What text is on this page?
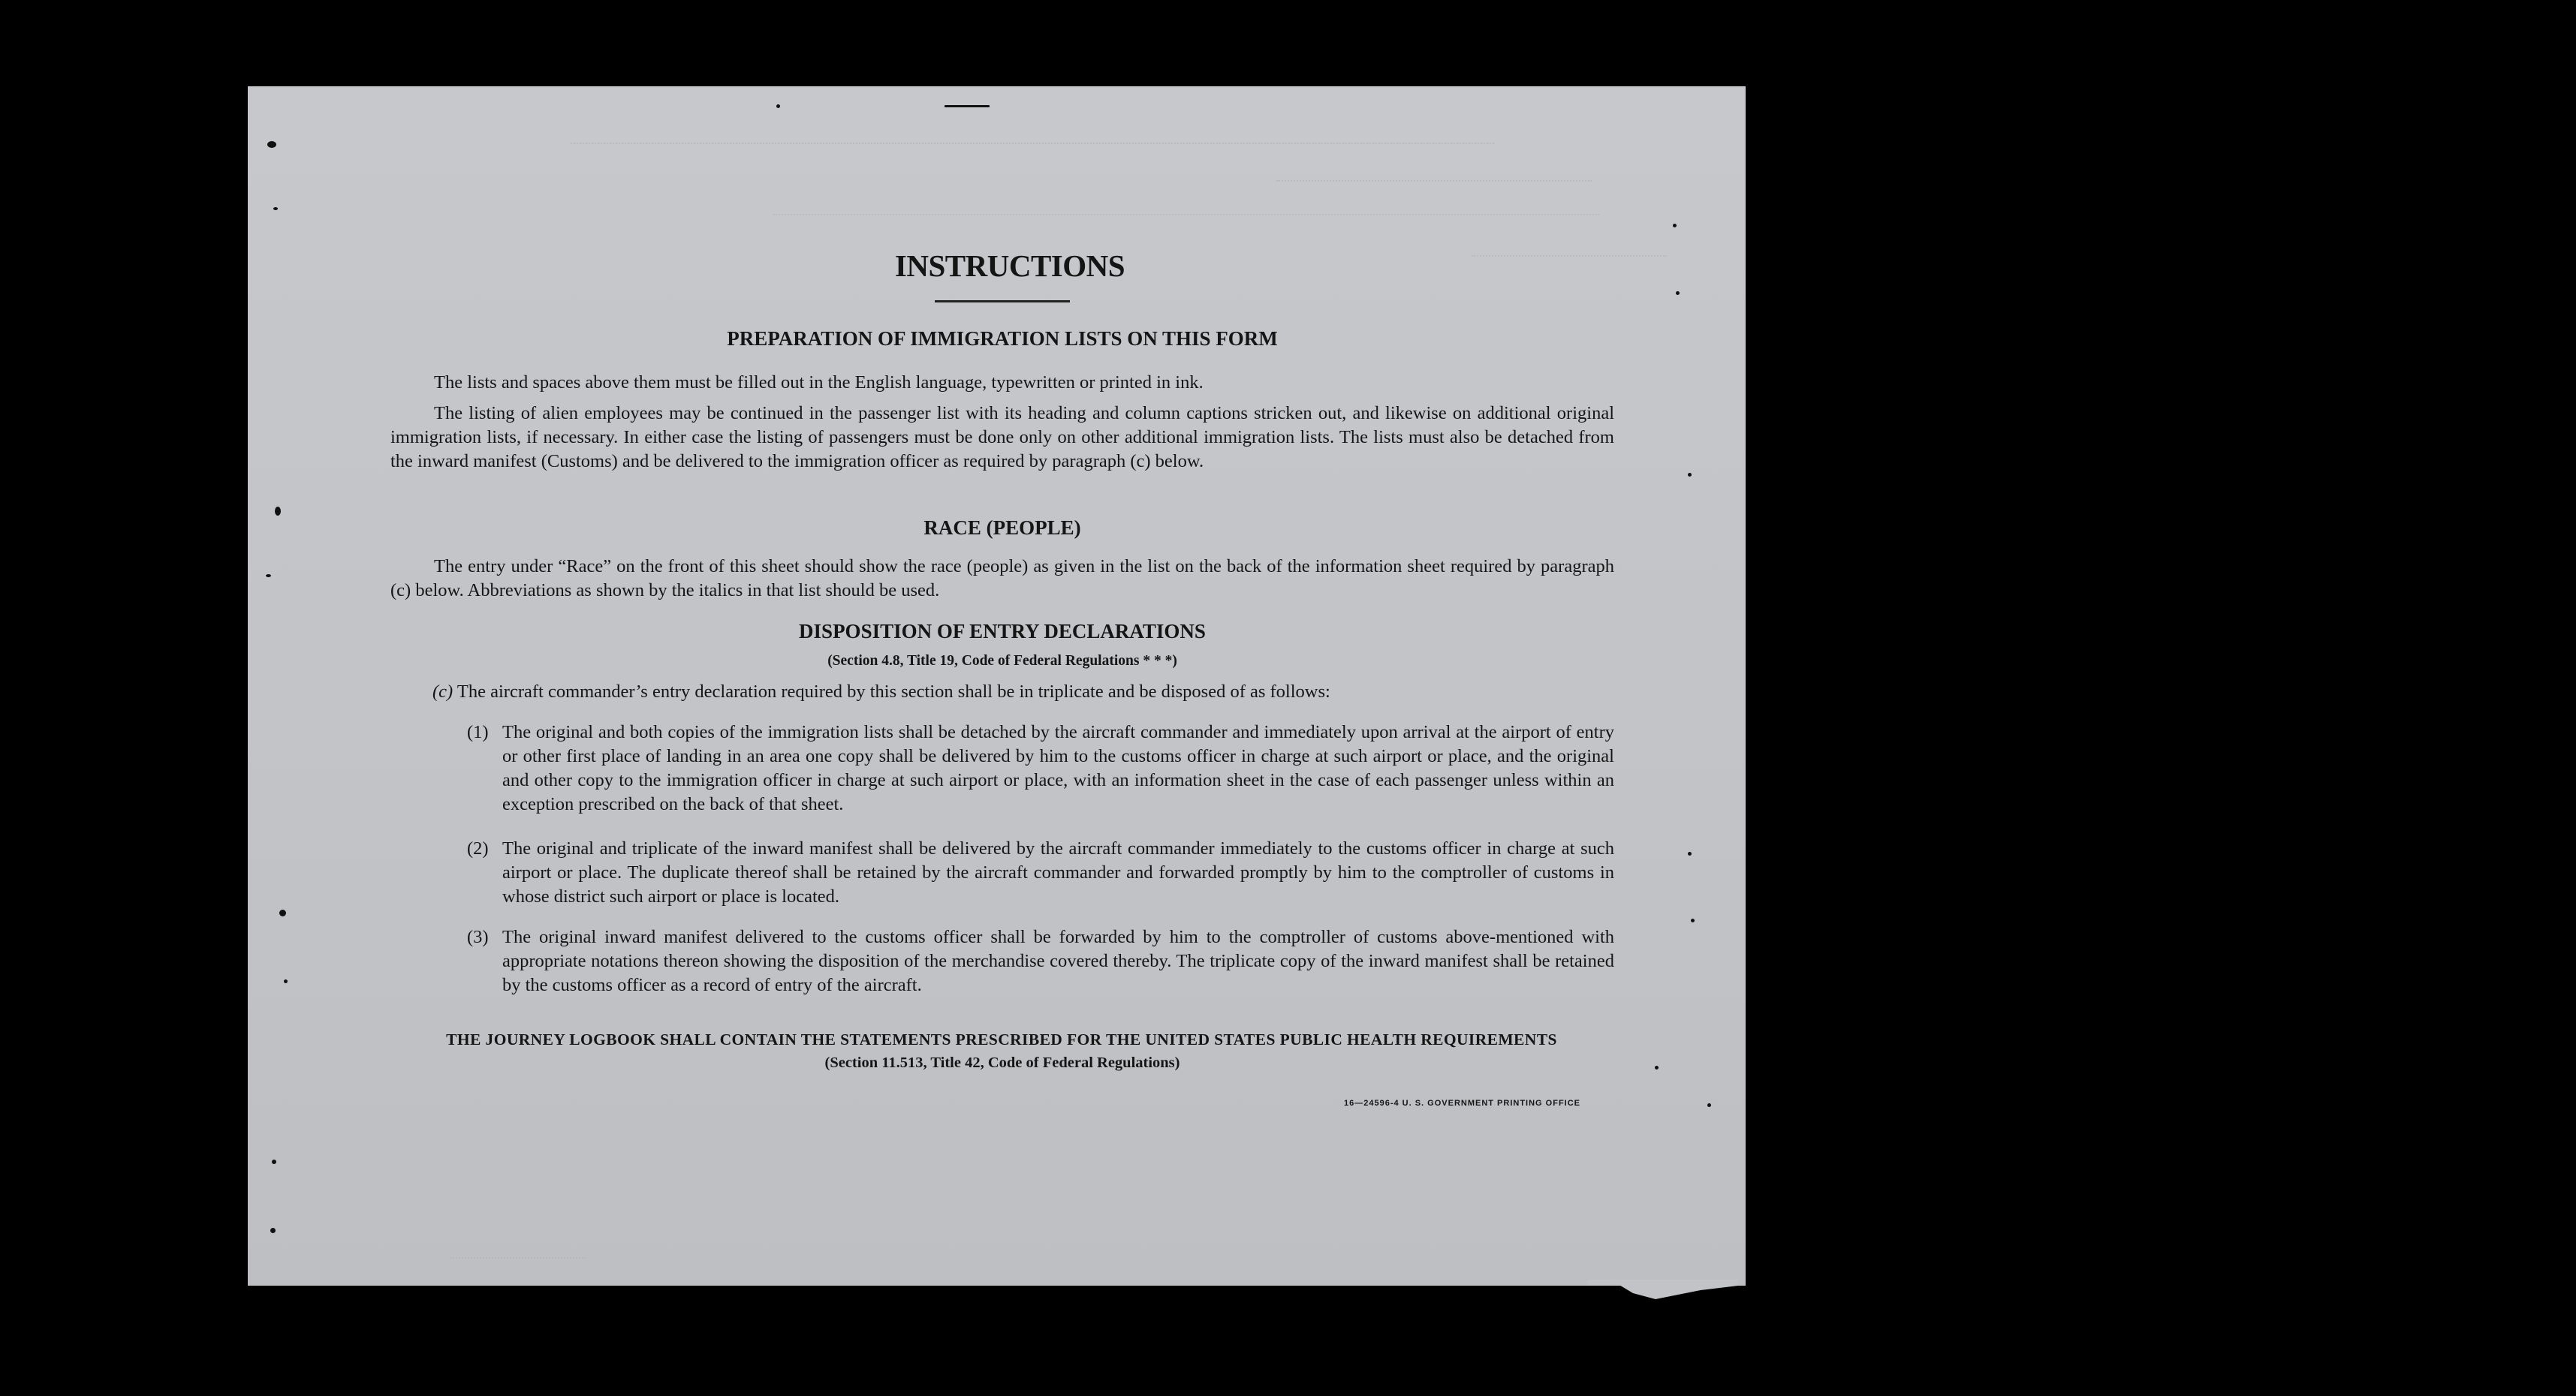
INSTRUCTIONS
PREPARATION OF IMMIGRATION LISTS ON THIS FORM
The lists and spaces above them must be filled out in the English language, typewritten or printed in ink.
The listing of alien employees may be continued in the passenger list with its heading and column captions stricken out, and likewise on additional original immigration lists, if necessary. In either case the listing of passengers must be done only on other additional immigration lists. The lists must also be detached from the inward manifest (Customs) and be delivered to the immigration officer as required by paragraph (c) below.
RACE (PEOPLE)
The entry under “Race” on the front of this sheet should show the race (people) as given in the list on the back of the information sheet required by paragraph (c) below. Abbreviations as shown by the italics in that list should be used.
DISPOSITION OF ENTRY DECLARATIONS
(Section 4.8, Title 19, Code of Federal Regulations * * *)
(c) The aircraft commander’s entry declaration required by this section shall be in triplicate and be disposed of as follows:
(1) The original and both copies of the immigration lists shall be detached by the aircraft commander and immediately upon arrival at the airport of entry or other first place of landing in an area one copy shall be delivered by him to the customs officer in charge at such airport or place, and the original and other copy to the immigration officer in charge at such airport or place, with an information sheet in the case of each passenger unless within an exception prescribed on the back of that sheet.
(2) The original and triplicate of the inward manifest shall be delivered by the aircraft commander immediately to the customs officer in charge at such airport or place. The duplicate thereof shall be retained by the aircraft commander and forwarded promptly by him to the comptroller of customs in whose district such airport or place is located.
(3) The original inward manifest delivered to the customs officer shall be forwarded by him to the comptroller of customs above-mentioned with appropriate notations thereon showing the disposition of the merchandise covered thereby. The triplicate copy of the inward manifest shall be retained by the customs officer as a record of entry of the aircraft.
THE JOURNEY LOGBOOK SHALL CONTAIN THE STATEMENTS PRESCRIBED FOR THE UNITED STATES PUBLIC HEALTH REQUIREMENTS
(Section 11.513, Title 42, Code of Federal Regulations)
16—24596-4 U. S. GOVERNMENT PRINTING OFFICE
